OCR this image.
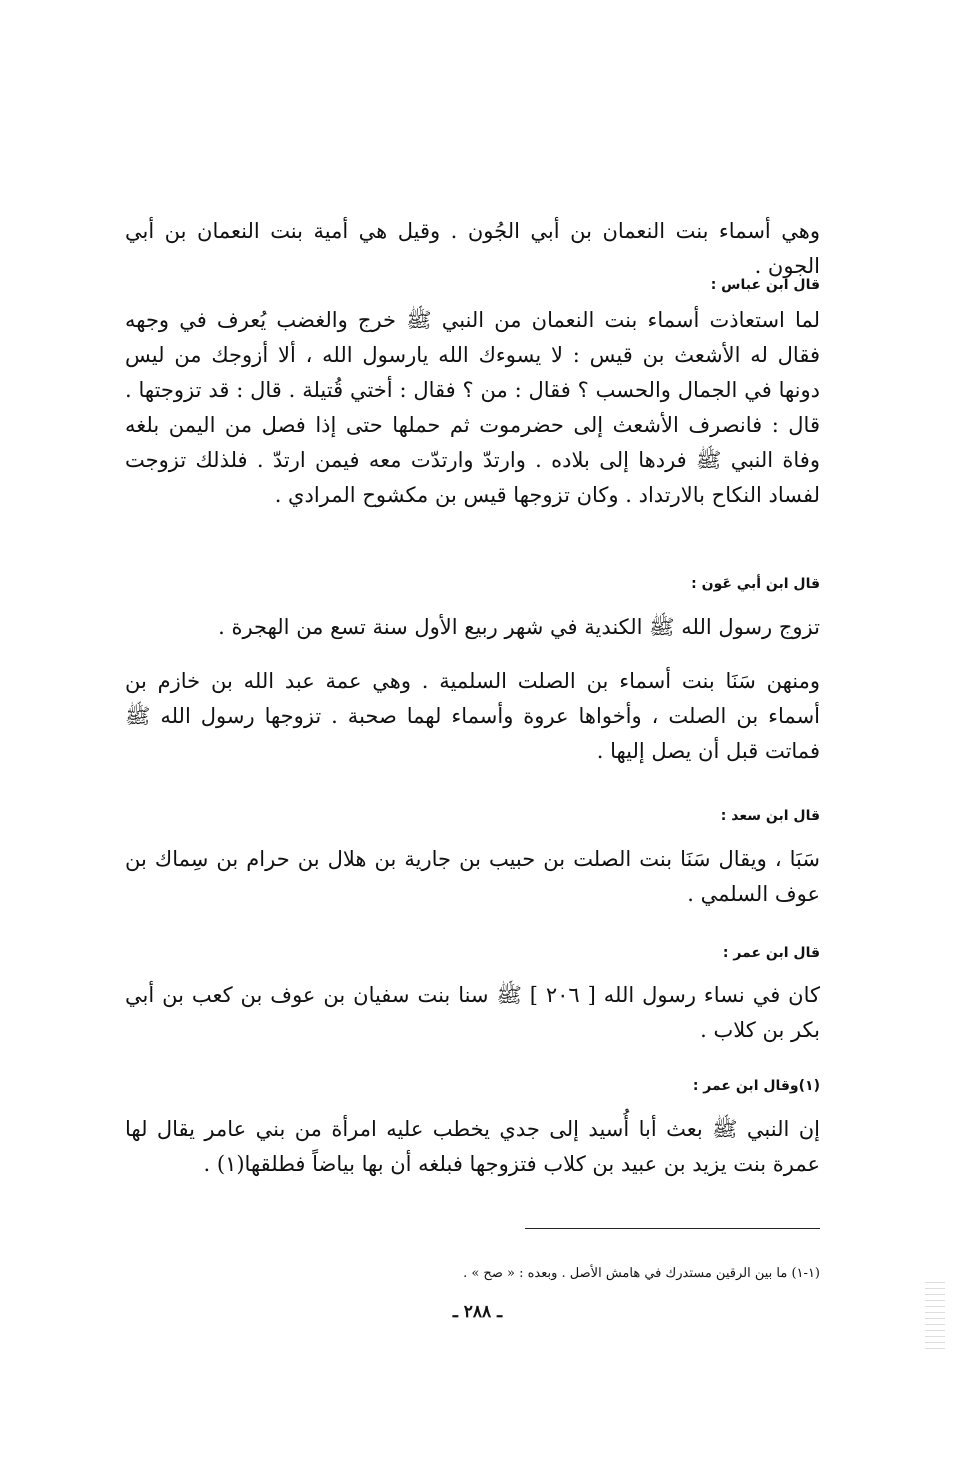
وهي أسماء بنت النعمان بن أبي الجُون . وقيل هي أمية بنت النعمان بن أبي الجون .
قال ابن عباس :
لما استعاذت أسماء بنت النعمان من النبي ﷺ خرج والغضب يُعرف في وجهه فقال له الأشعث بن قيس : لا يسوءك الله يارسول الله ، ألا أزوجك من ليس دونها في الجمال والحسب ؟ فقال : من ؟ فقال : أختي قُتيلة . قال : قد تزوجتها . قال : فانصرف الأشعث إلى حضرموت ثم حملها حتى إذا فصل من اليمن بلغه وفاة النبي ﷺ فردها إلى بلاده . وارتدّ وارتدّت معه فيمن ارتدّ . فلذلك تزوجت لفساد النكاح بالارتداد . وكان تزوجها قيس بن مكشوح المرادي .
قال ابن أبي عَون :
تزوج رسول الله ﷺ الكندية في شهر ربيع الأول سنة تسع من الهجرة .
ومنهن سَنَا بنت أسماء بن الصلت السلمية . وهي عمة عبد الله بن خازم بن أسماء بن الصلت ، وأخواها عروة وأسماء لهما صحبة . تزوجها رسول الله ﷺ فماتت قبل أن يصل إليها .
قال ابن سعد :
سَبَا ، ويقال سَنَا بنت الصلت بن حبيب بن جارية بن هلال بن حرام بن سِماك بن عوف السلمي .
قال ابن عمر :
كان في نساء رسول الله [ ٢٠٦ ] ﷺ سنا بنت سفيان بن عوف بن كعب بن أبي بكر بن كلاب .
(١)وقال ابن عمر :
إن النبي ﷺ بعث أبا أُسيد إلى جدي يخطب عليه امرأة من بني عامر يقال لها عمرة بنت يزيد بن عبيد بن كلاب فتزوجها فبلغه أن بها بياضاً فطلقها(١) .
(١-١) ما بين الرقين مستدرك في هامش الأصل . وبعده : « صح » .
ـ ٢٨٨ ـ
